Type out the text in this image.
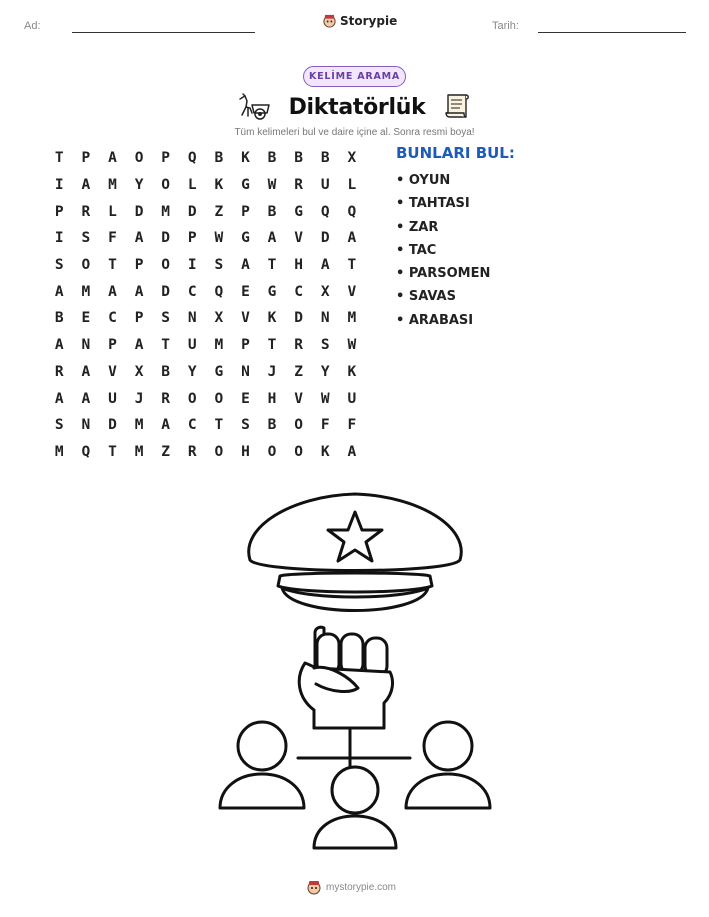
Ad:	Storypie	Tarih:
KELİME ARAMA
Diktatörlük
Tüm kelimeleri bul ve daire içine al. Sonra resmi boya!
T	P	A	O	P	Q	B	K	B	B	B	X
I	A	M	Y	O	L	K	G	W	R	U	L
P	R	L	D	M	D	Z	P	B	G	Q	Q
I	S	F	A	D	P	W	G	A	V	D	A
S	O	T	P	O	I	S	A	T	H	A	T
A	M	A	A	D	C	Q	E	G	C	X	V
B	E	C	P	S	N	X	V	K	D	N	M
A	N	P	A	T	U	M	P	T	R	S	W
R	A	V	X	B	Y	G	N	J	Z	Y	K
A	A	U	J	R	O	O	E	H	V	W	U
S	N	D	M	A	C	T	S	B	O	F	F
M	Q	T	M	Z	R	O	H	O	O	K	A
BUNLARI BUL:
• OYUN
• TAHTASI
• ZAR
• TAC
• PARSOMEN
• SAVAS
• ARABASI
mystorypie.com
